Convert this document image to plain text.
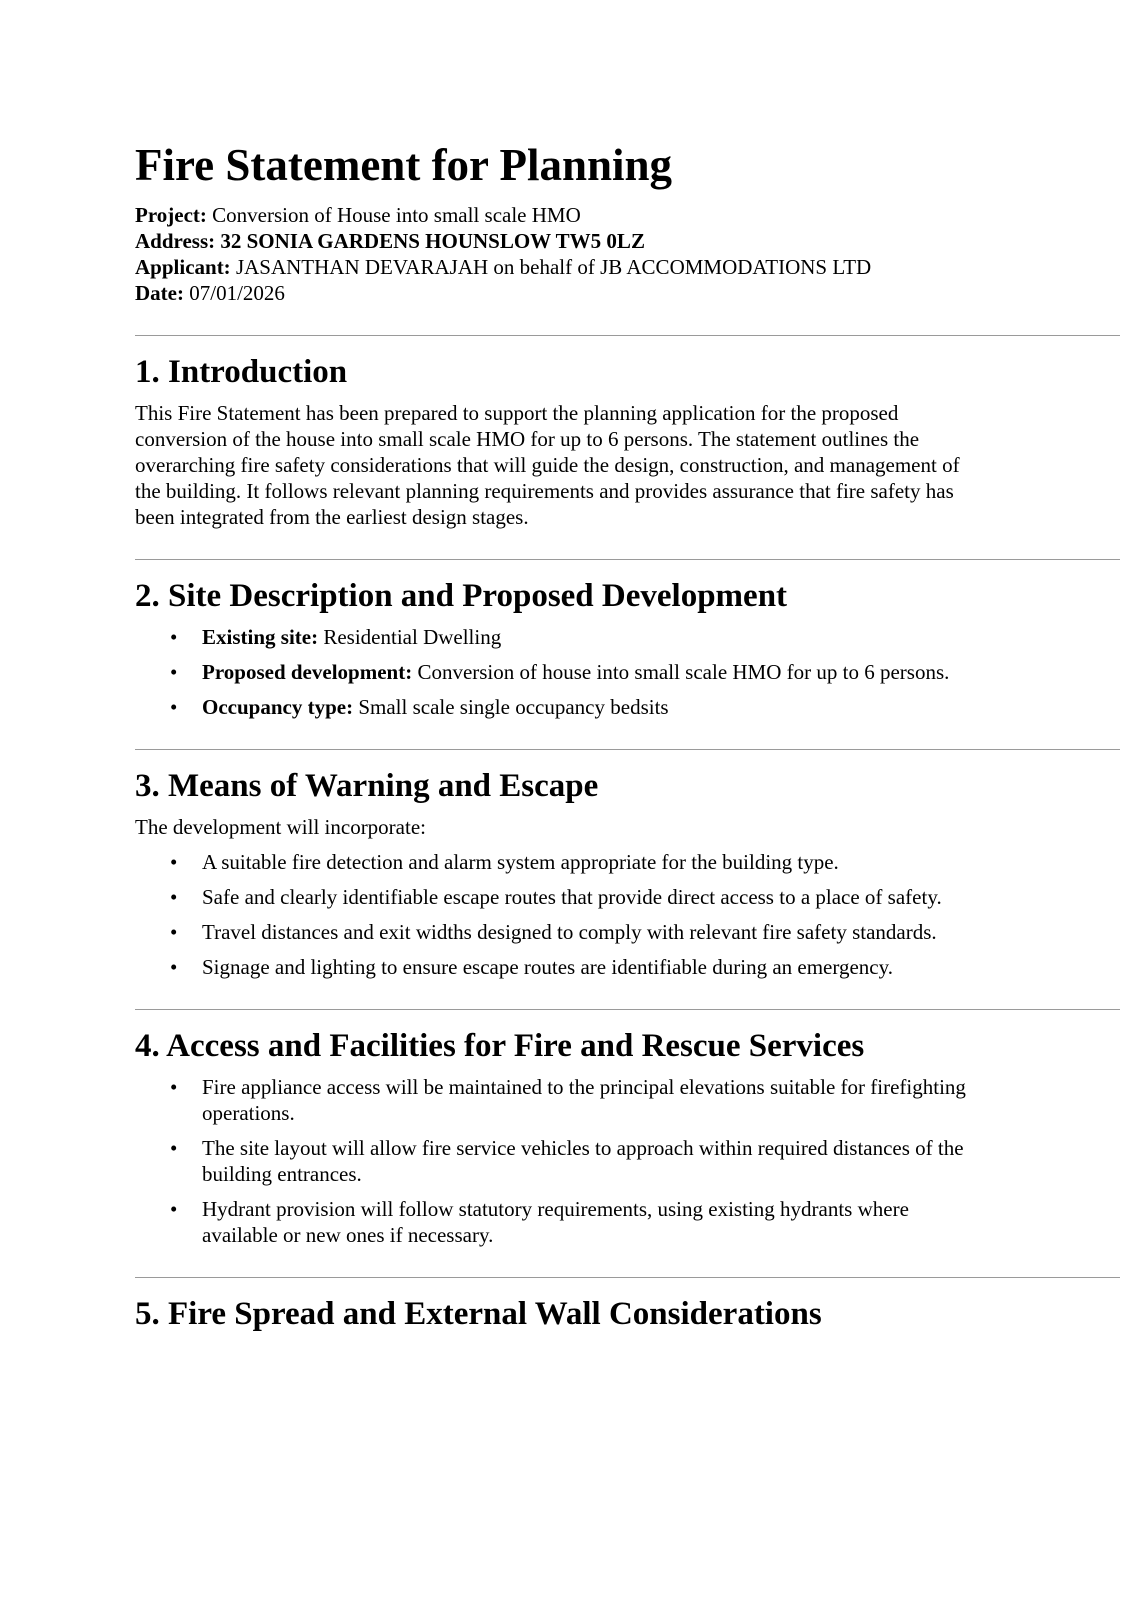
Fire Statement for Planning
Project: Conversion of House into small scale HMO
Address: 32 SONIA GARDENS HOUNSLOW TW5 0LZ
Applicant: JASANTHAN DEVARAJAH on behalf of JB ACCOMMODATIONS LTD
Date: 07/01/2026
1. Introduction

This Fire Statement has been prepared to support the planning application for the proposed conversion of the house into small scale HMO for up to 6 persons. The statement outlines the overarching fire safety considerations that will guide the design, construction, and management of the building. It follows relevant planning requirements and provides assurance that fire safety has been integrated from the earliest design stages.

2. Site Description and Proposed Development
• Existing site: Residential Dwelling
• Proposed development: Conversion of house into small scale HMO for up to 6 persons.
• Occupancy type: Small scale single occupancy bedsits
3. Means of Warning and Escape

The development will incorporate:

• A suitable fire detection and alarm system appropriate for the building type.
• Safe and clearly identifiable escape routes that provide direct access to a place of safety.
• Travel distances and exit widths designed to comply with relevant fire safety standards.
• Signage and lighting to ensure escape routes are identifiable during an emergency.
4. Access and Facilities for Fire and Rescue Services
• Fire appliance access will be maintained to the principal elevations suitable for firefighting operations.
• The site layout will allow fire service vehicles to approach within required distances of the building entrances.
• Hydrant provision will follow statutory requirements, using existing hydrants where available or new ones if necessary.
5. Fire Spread and External Wall Considerations
